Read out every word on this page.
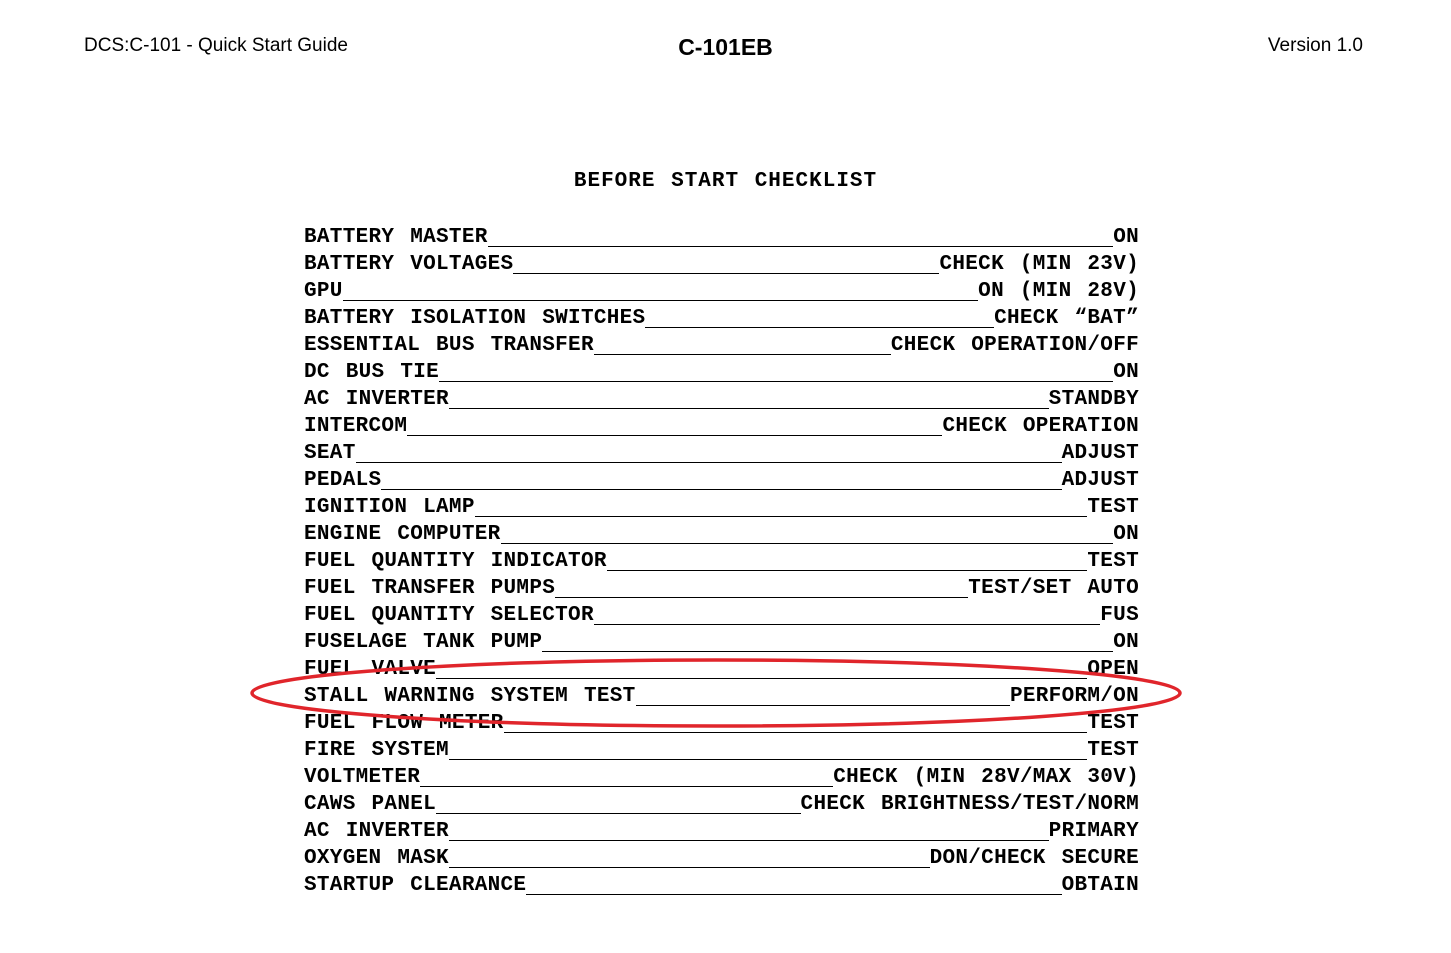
DCS:C-101 - Quick Start Guide	C-101EB	Version 1.0
BEFORE START CHECKLIST
BATTERY MASTER	ON
BATTERY VOLTAGES	CHECK (MIN 23V)
GPU	ON (MIN 28V)
BATTERY ISOLATION SWITCHES	CHECK “BAT”
ESSENTIAL BUS TRANSFER	CHECK OPERATION/OFF
DC BUS TIE	ON
AC INVERTER	STANDBY
INTERCOM	CHECK OPERATION
SEAT	ADJUST
PEDALS	ADJUST
IGNITION LAMP	TEST
ENGINE COMPUTER	ON
FUEL QUANTITY INDICATOR	TEST
FUEL TRANSFER PUMPS	TEST/SET AUTO
FUEL QUANTITY SELECTOR	FUS
FUSELAGE TANK PUMP	ON
FUEL VALVE	OPEN
STALL WARNING SYSTEM TEST	PERFORM/ON
FUEL FLOW METER	TEST
FIRE SYSTEM	TEST
VOLTMETER	CHECK (MIN 28V/MAX 30V)
CAWS PANEL	CHECK BRIGHTNESS/TEST/NORM
AC INVERTER	PRIMARY
OXYGEN MASK	DON/CHECK SECURE
STARTUP CLEARANCE	OBTAIN
